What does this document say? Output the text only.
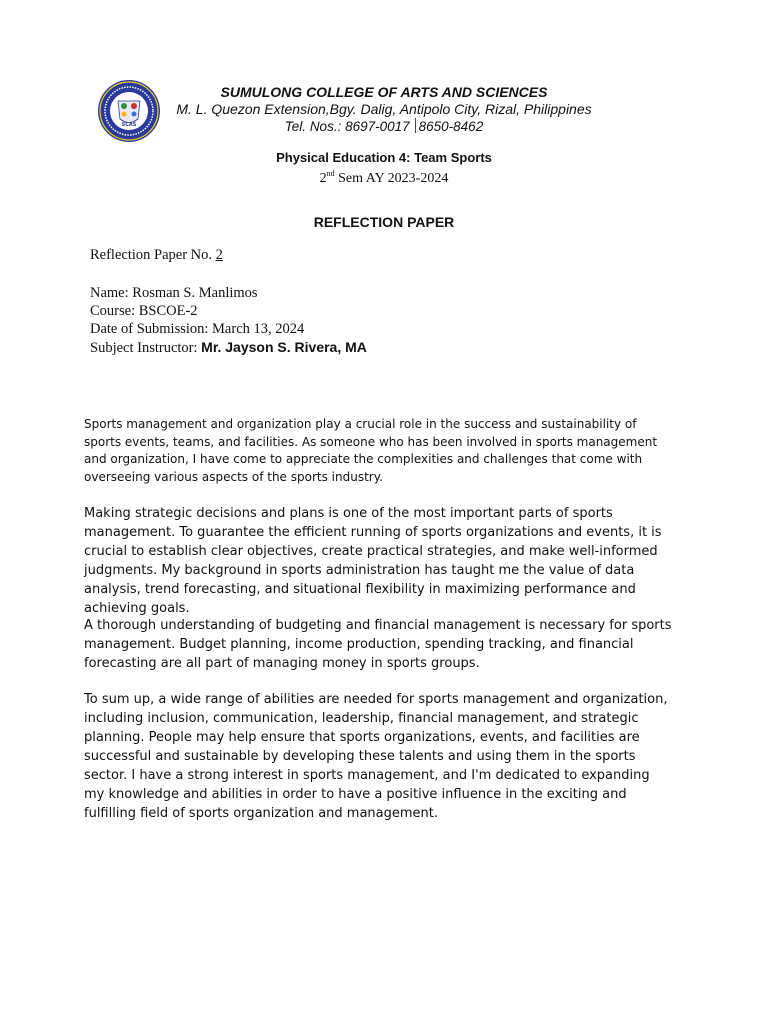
SCAS
SUMULONG COLLEGE OF ARTS AND SCIENCES
M. L. Quezon Extension,Bgy. Dalig, Antipolo City, Rizal, Philippines
Tel. Nos.: 8697-0017 8650-8462
Physical Education 4: Team Sports
2nd Sem AY 2023-2024
REFLECTION PAPER
Reflection Paper No. 2
Name: Rosman S. Manlimos
Course: BSCOE-2
Date of Submission: March 13, 2024
Subject Instructor: Mr. Jayson S. Rivera, MA

Sports management and organization play a crucial role in the success and sustainability of sports events, teams, and facilities. As someone who has been involved in sports management and organization, I have come to appreciate the complexities and challenges that come with overseeing various aspects of the sports industry.

Making strategic decisions and plans is one of the most important parts of sports management. To guarantee the efficient running of sports organizations and events, it is crucial to establish clear objectives, create practical strategies, and make well-informed judgments. My background in sports administration has taught me the value of data analysis, trend forecasting, and situational flexibility in maximizing performance and achieving goals.

A thorough understanding of budgeting and financial management is necessary for sports management. Budget planning, income production, spending tracking, and financial forecasting are all part of managing money in sports groups.

To sum up, a wide range of abilities are needed for sports management and organization, including inclusion, communication, leadership, financial management, and strategic planning. People may help ensure that sports organizations, events, and facilities are successful and sustainable by developing these talents and using them in the sports sector. I have a strong interest in sports management, and I'm dedicated to expanding my knowledge and abilities in order to have a positive influence in the exciting and fulfilling field of sports organization and management.
